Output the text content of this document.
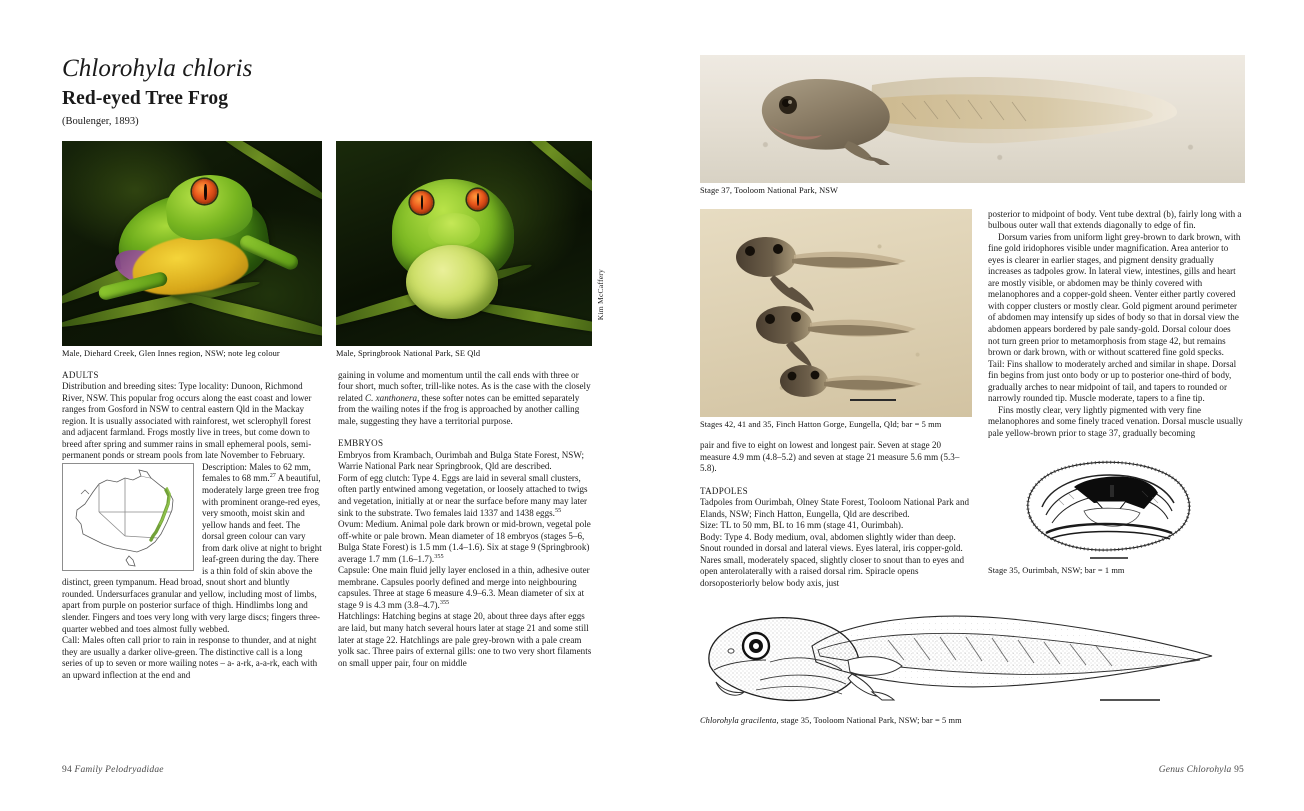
Chlorohyla chloris
Red-eyed Tree Frog
(Boulenger, 1893)
Male, Diehard Creek, Glen Innes region, NSW; note leg colour	Male, Springbrook National Park, SE Qld
Kim McCaffery
ADULTS

Distribution and breeding sites: Type locality: Dunoon, Richmond River, NSW. This popular frog occurs along the east coast and lower ranges from Gosford in NSW to central eastern Qld in the Mackay region. It is usually associated with rainforest, wet sclerophyll forest and adjacent farmland. Frogs mostly live in trees, but come down to breed after spring and summer rains in small ephemeral pools, semi-permanent ponds or stream pools from late November to February.

Description: Males to 62 mm, females to 68 mm.$^{27}$ A beautiful, moderately large green tree frog with prominent orange-red eyes, very smooth, moist skin and yellow hands and feet. The dorsal green colour can vary from dark olive at night to bright leaf-green during the day. There is a thin fold of skin above the distinct, green tympanum. Head broad, snout short and bluntly rounded. Undersurfaces granular and yellow, including most of limbs, apart from purple on posterior surface of thigh. Hindlimbs long and slender. Fingers and toes very long with very large discs; fingers three-quarter webbed and toes almost fully webbed.

Call: Males often call prior to rain in response to thunder, and at night they are usually a darker olive-green. The distinctive call is a long series of up to seven or more wailing notes – a- a-rk, a-a-rk, each with an upward inflection at the end and

gaining in volume and momentum until the call ends with three or four short, much softer, trill-like notes. As is the case with the closely related C. xanthonera, these softer notes can be emitted separately from the wailing notes if the frog is approached by another calling male, suggesting they have a territorial purpose.

EMBRYOS

Embryos from Krambach, Ourimbah and Bulga State Forest, NSW; Warrie National Park near Springbrook, Qld are described.

Form of egg clutch: Type 4. Eggs are laid in several small clusters, often partly entwined among vegetation, or loosely attached to twigs and vegetation, initially at or near the surface before many may later sink to the substrate. Two females laid 1337 and 1438 eggs.$^{55}$

Ovum: Medium. Animal pole dark brown or mid-brown, vegetal pole off-white or pale brown. Mean diameter of 18 embryos (stages 5–6, Bulga State Forest) is 1.5 mm (1.4–1.6). Six at stage 9 (Springbrook) average 1.7 mm (1.6–1.7).$^{355}$

Capsule: One main fluid jelly layer enclosed in a thin, adhesive outer membrane. Capsules poorly defined and merge into neighbouring capsules. Three at stage 6 measure 4.9–6.3. Mean diameter of six at stage 9 is 4.3 mm (3.8–4.7).$^{355}$

Hatchlings: Hatching begins at stage 20, about three days after eggs are laid, but many hatch several hours later at stage 21 and some still later at stage 22. Hatchlings are pale grey-brown with a pale cream yolk sac. Three pairs of external gills: one to two very short filaments on small upper pair, four on middle

94 Family Pelodryadidae
Stage 37, Tooloom National Park, NSW
Stages 42, 41 and 35, Finch Hatton Gorge, Eungella, Qld; bar = 5 mm

pair and five to eight on lowest and longest pair. Seven at stage 20 measure 4.9 mm (4.8–5.2) and seven at stage 21 measure 5.6 mm (5.3–5.8).

TADPOLES

Tadpoles from Ourimbah, Olney State Forest, Tooloom National Park and Elands, NSW; Finch Hatton, Eungella, Qld are described.

Size: TL to 50 mm, BL to 16 mm (stage 41, Ourimbah).

Body: Type 4. Body medium, oval, abdomen slightly wider than deep. Snout rounded in dorsal and lateral views. Eyes lateral, iris copper-gold. Nares small, moderately spaced, slightly closer to snout than to eyes and open anterolaterally with a raised dorsal rim. Spiracle opens dorsoposteriorly below body axis, just

posterior to midpoint of body. Vent tube dextral (b), fairly long with a bulbous outer wall that extends diagonally to edge of fin.

Dorsum varies from uniform light grey-brown to dark brown, with fine gold iridophores visible under magnification. Area anterior to eyes is clearer in earlier stages, and pigment density gradually increases as tadpoles grow. In lateral view, intestines, gills and heart are mostly visible, or abdomen may be thinly covered with melanophores and a copper-gold sheen. Venter either partly covered with copper clusters or mostly clear. Gold pigment around perimeter of abdomen may intensify up sides of body so that in dorsal view the abdomen appears bordered by pale sandy-gold. Dorsal colour does not turn green prior to metamorphosis from stage 42, but remains brown or dark brown, with or without scattered fine gold specks.

Tail: Fins shallow to moderately arched and similar in shape. Dorsal fin begins from just onto body or up to posterior one-third of body, gradually arches to near midpoint of tail, and tapers to rounded or narrowly rounded tip. Muscle moderate, tapers to a fine tip.

Fins mostly clear, very lightly pigmented with very fine melanophores and some finely traced venation. Dorsal muscle usually pale yellow-brown prior to stage 37, gradually becoming

Stage 35, Ourimbah, NSW; bar = 1 mm
Chlorohyla gracilenta, stage 35, Tooloom National Park, NSW; bar = 5 mm
Genus Chlorohyla 95
